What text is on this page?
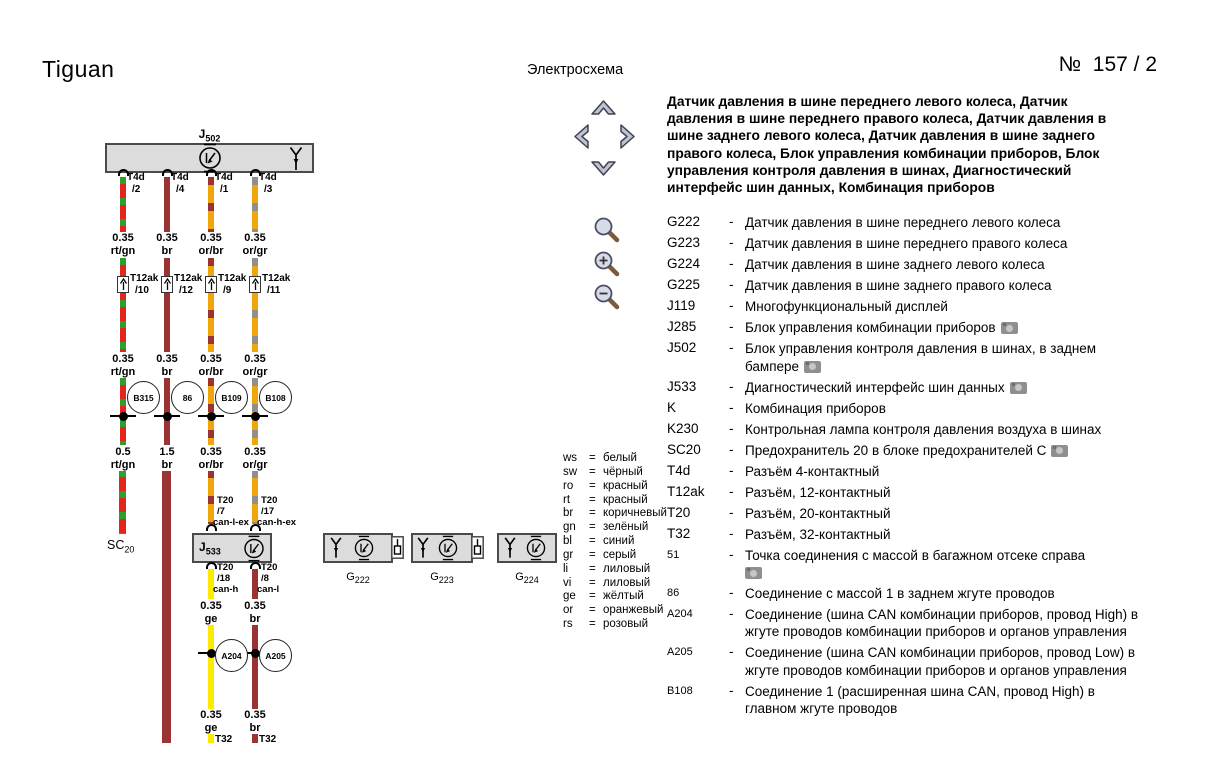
Tiguan	Электросхема	№  157 / 2
Датчик давления в шине переднего левого колеса, Датчик давления в шине переднего правого колеса, Датчик давления в шине заднего левого колеса, Датчик давления в шине заднего правого колеса, Блок управления комбинации приборов, Блок управления контроля давления в шинах, Диагностический интерфейс шин данных, Комбинация приборов
G222	- Датчик давления в шине переднего левого колеса
G223	- Датчик давления в шине переднего правого колеса
G224	- Датчик давления в шине заднего левого колеса
G225	- Датчик давления в шине заднего правого колеса
J119	- Многофункциональный дисплей
J285	- Блок управления комбинации приборов
J502	- Блок управления контроля давления в шинах, в заднем бампере
J533	- Диагностический интерфейс шин данных
K	- Комбинация приборов
K230	- Контрольная лампа контроля давления воздуха в шинах
SC20	- Предохранитель 20 в блоке предохранителей C
T4d	- Разъём 4-контактный
T12ak	- Разъём, 12-контактный
T20	- Разъём, 20-контактный
T32	- Разъём, 32-контактный
51	- Точка соединения с массой в багажном отсеке справа
86	- Соединение с массой 1 в заднем жгуте проводов
A204	- Соединение (шина CAN комбинации приборов, провод High) в жгуте проводов комбинации приборов и органов управления
A205	- Соединение (шина CAN комбинации приборов, провод Low) в жгуте проводов комбинации приборов и органов управления
B108	- Соединение 1 (расширенная шина CAN, провод High) в главном жгуте проводов
ws = белый
sw = чёрный
ro = красный
rt = красный
br = коричневый
gn = зелёный
bl = синий
gr = серый
li = лиловый
vi = лиловый
ge = жёлтый
or = оранжевый
rs = розовый
$J_{502}$
T4d
/2
0.35
rt/gn
T12ak
/10
0.35
rt/gn
B315
0.5
rt/gn
$SC_{20}$
T4d
/4
0.35
br
T12ak
/12
0.35
br
86
1.5
br
T4d
/1
0.35
or/br
T12ak
/9
0.35
or/br
B109
0.35
or/br
T20
/7
can-l-ex
T4d
/3
0.35
or/gr
T12ak
/11
0.35
or/gr
B108
0.35
or/gr
T20
/17
can-h-ex
$J_{533}$
T20
/18
can-h
0.35
ge
A204
0.35
ge
T32
T20
/8
can-l
0.35
br
A205
0.35
br
T32
$G_{222}$	$G_{223}$	$G_{224}$
